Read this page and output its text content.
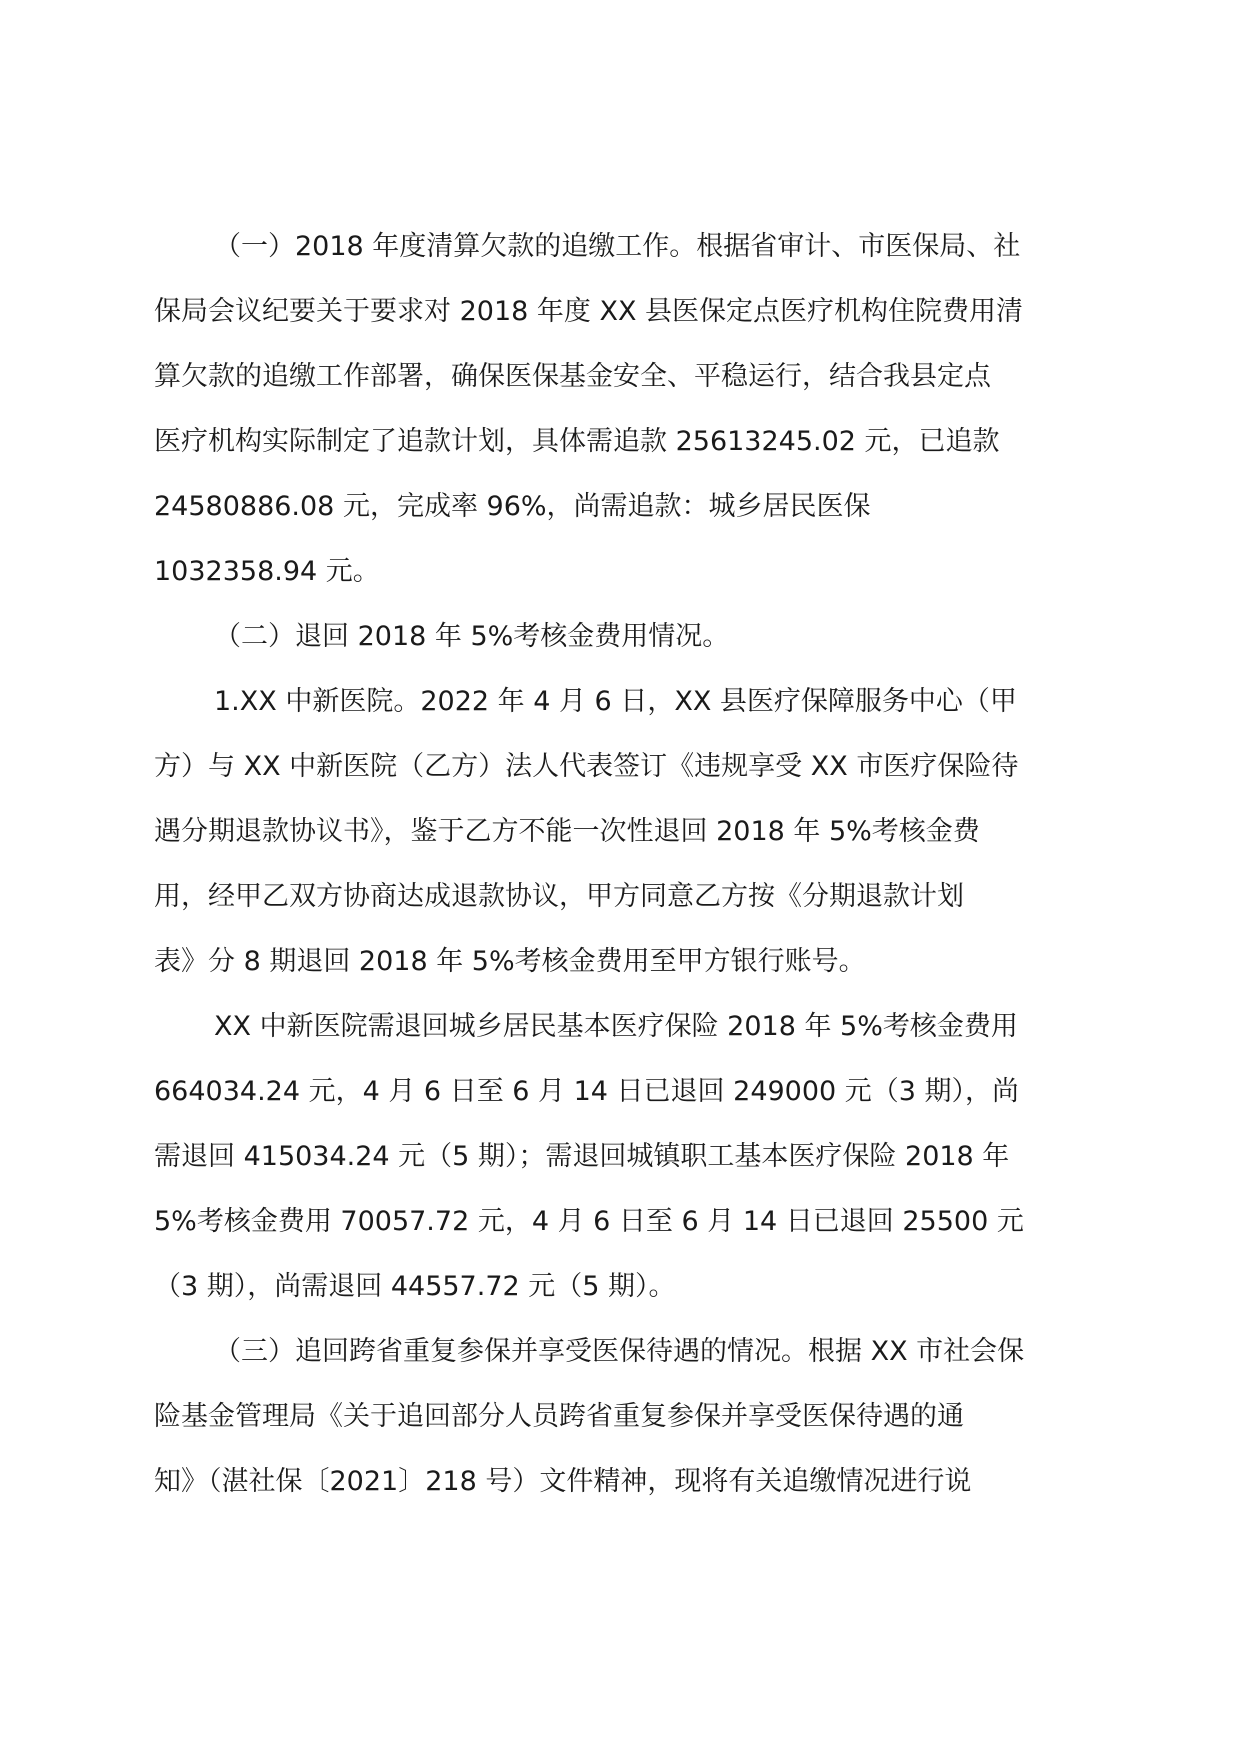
（一）2018 年度清算欠款的追缴工作。根据省审计、市医保局、社
保局会议纪要关于要求对 2018 年度 XX 县医保定点医疗机构住院费用清
算欠款的追缴工作部署，确保医保基金安全、平稳运行，结合我县定点
医疗机构实际制定了追款计划，具体需追款 25613245.02 元，已追款
24580886.08 元，完成率 96%，尚需追款：城乡居民医保
1032358.94 元。
（二）退回 2018 年 5%考核金费用情况。
1.XX 中新医院。2022 年 4 月 6 日，XX 县医疗保障服务中心（甲
方）与 XX 中新医院（乙方）法人代表签订《违规享受 XX 市医疗保险待
遇分期退款协议书》，鉴于乙方不能一次性退回 2018 年 5%考核金费
用，经甲乙双方协商达成退款协议，甲方同意乙方按《分期退款计划
表》分 8 期退回 2018 年 5%考核金费用至甲方银行账号。
XX 中新医院需退回城乡居民基本医疗保险 2018 年 5%考核金费用
664034.24 元，4 月 6 日至 6 月 14 日已退回 249000 元（3 期），尚
需退回 415034.24 元（5 期）；需退回城镇职工基本医疗保险 2018 年
5%考核金费用 70057.72 元，4 月 6 日至 6 月 14 日已退回 25500 元
（3 期），尚需退回 44557.72 元（5 期）。
（三）追回跨省重复参保并享受医保待遇的情况。根据 XX 市社会保
险基金管理局《关于追回部分人员跨省重复参保并享受医保待遇的通
知》（湛社保〔2021〕218 号）文件精神，现将有关追缴情况进行说
